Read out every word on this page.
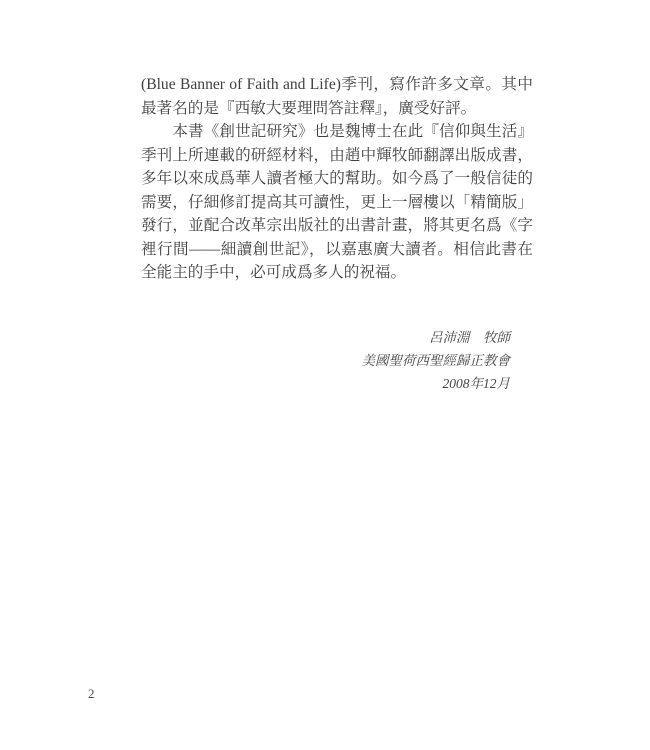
(Blue Banner of Faith and Life)季刊，寫作許多文章。其中
最著名的是『西敏大要理問答註釋』，廣受好評。
　　本書《創世記研究》也是魏博士在此『信仰與生活』
季刊上所連載的研經材料，由趙中輝牧師翻譯出版成書，
多年以來成爲華人讀者極大的幫助。如今爲了一般信徒的
需要，仔細修訂提高其可讀性，更上一層樓以「精簡版」
發行，並配合改革宗出版社的出書計畫，將其更名爲《字
裡行間——細讀創世記》，以嘉惠廣大讀者。相信此書在
全能主的手中，必可成爲多人的祝福。
呂沛淵　牧師
美國聖荷西聖經歸正教會
2008年12月
2
